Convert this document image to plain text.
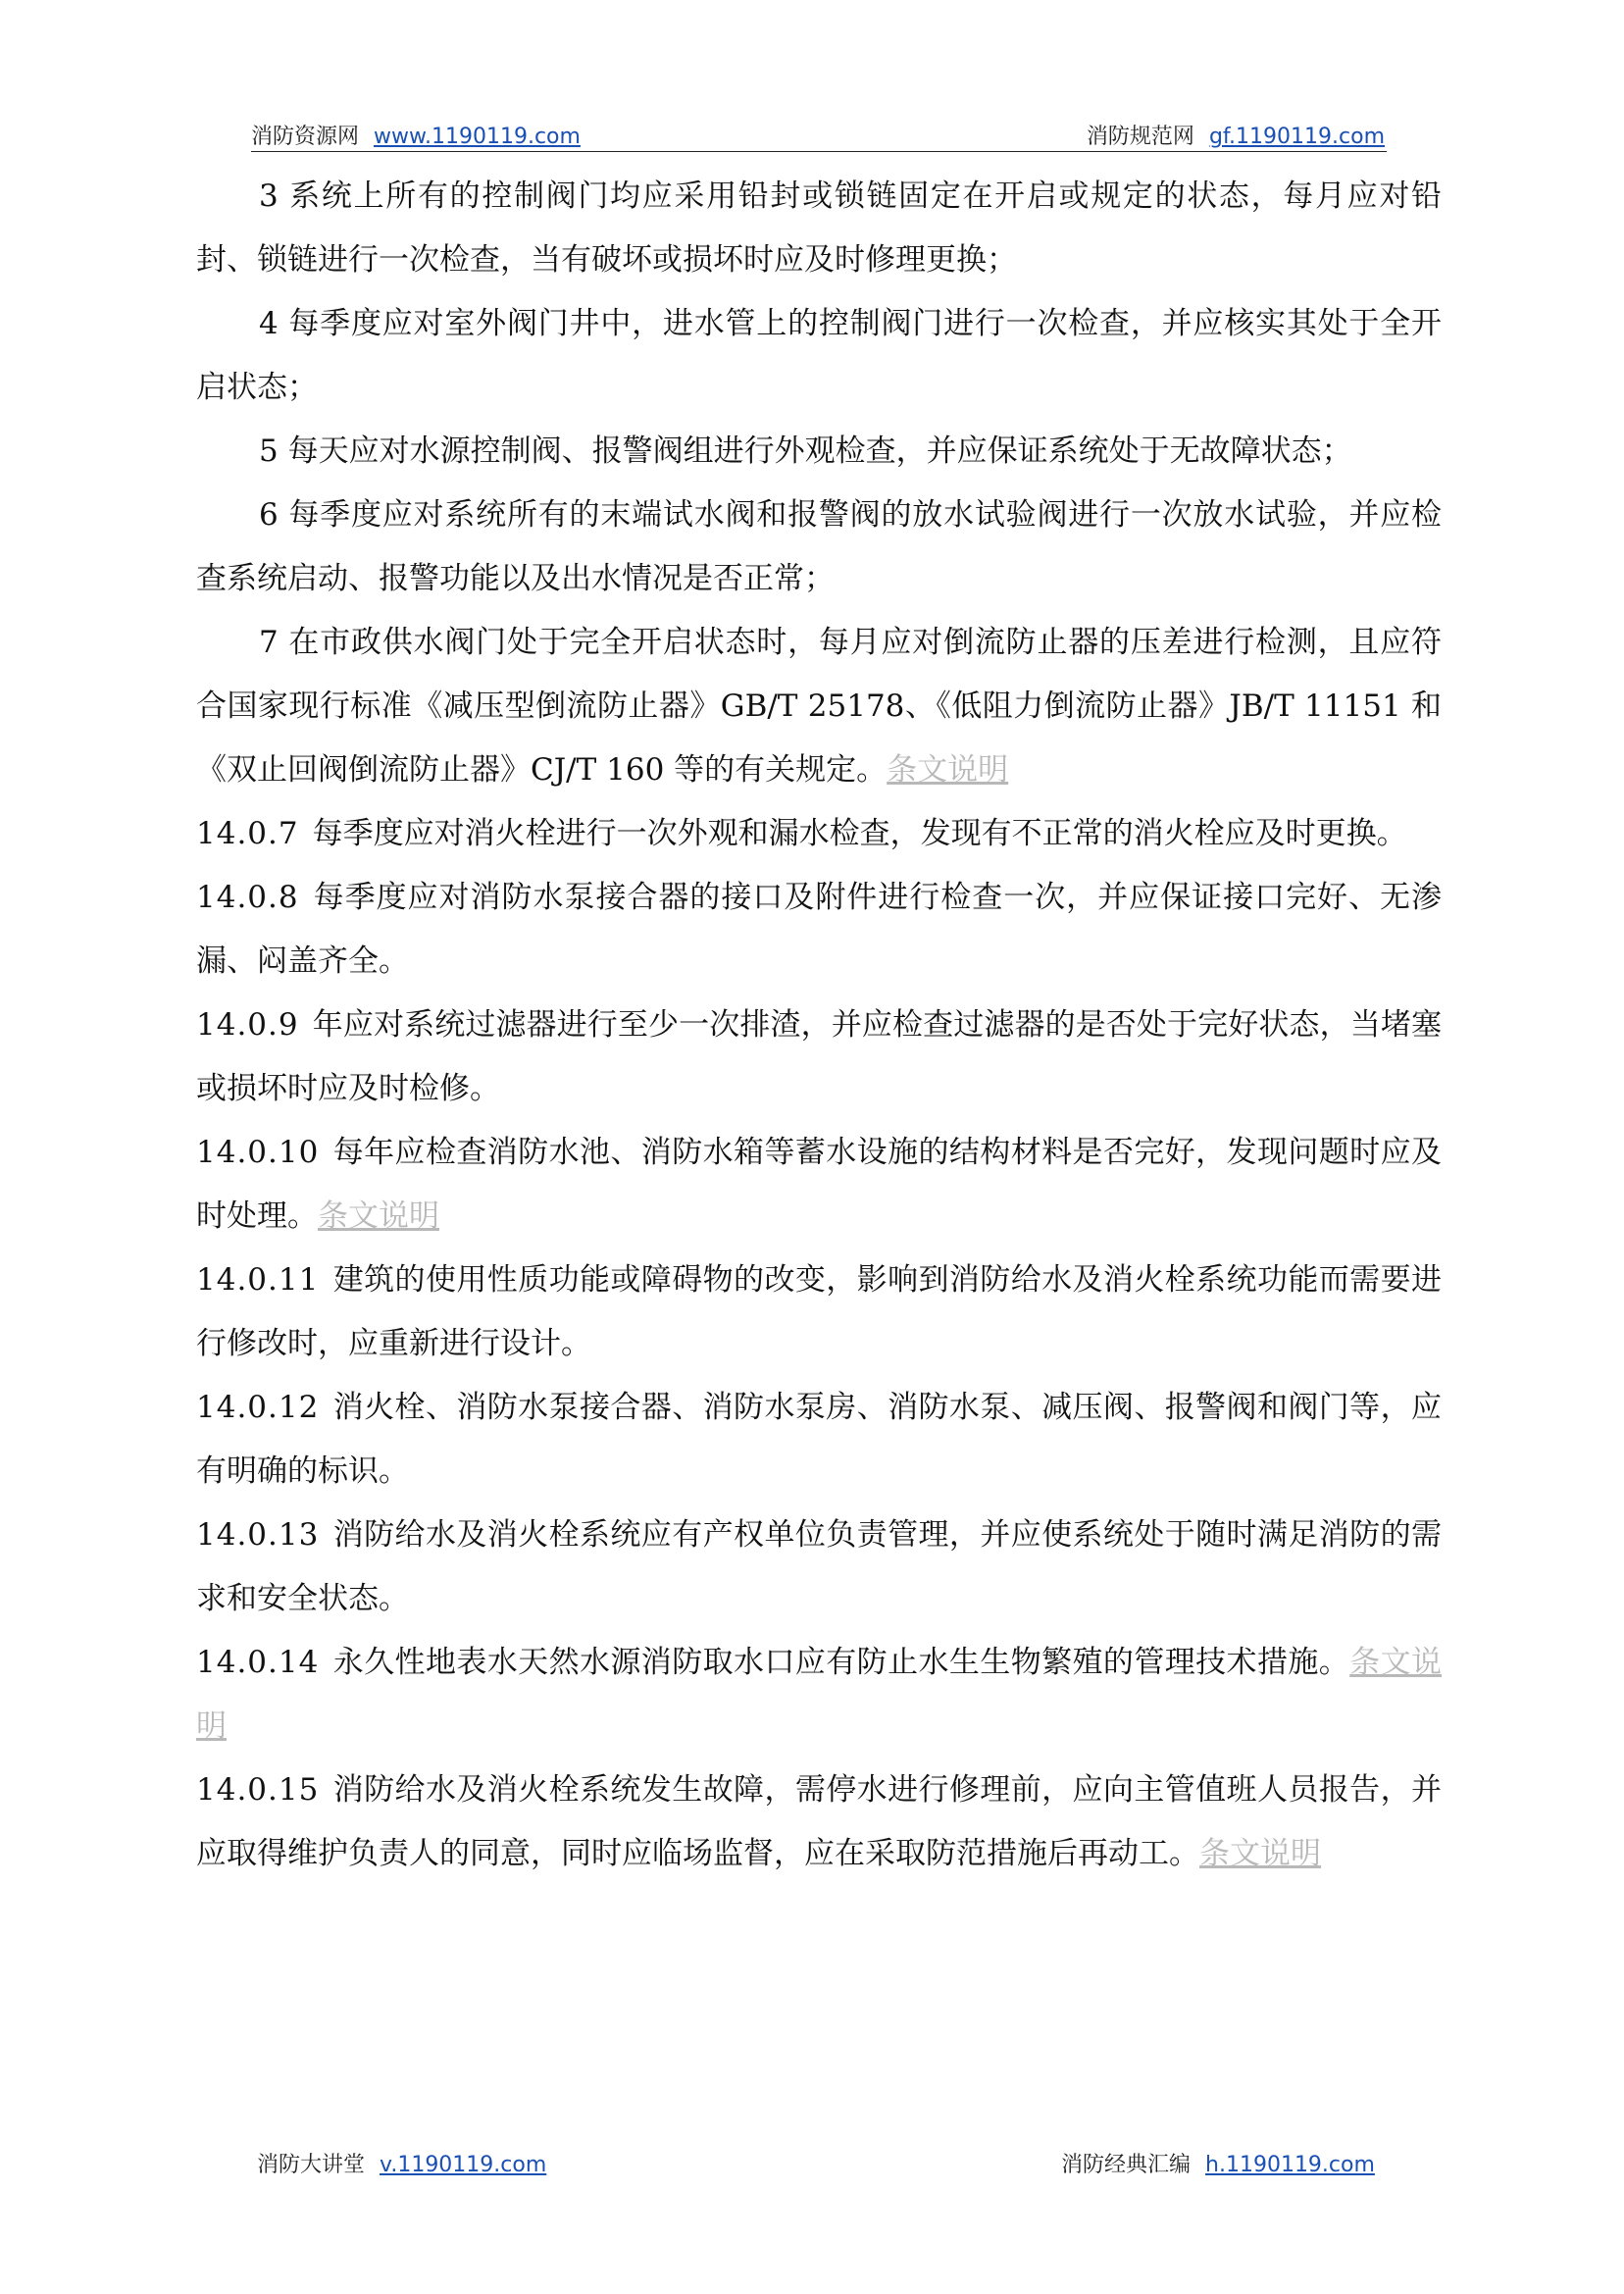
消防资源网 www.1190119.com	消防规范网 gf.1190119.com

3 系统上所有的控制阀门均应采用铅封或锁链固定在开启或规定的状态，每月应对铅封、锁链进行一次检查，当有破坏或损坏时应及时修理更换；

4 每季度应对室外阀门井中，进水管上的控制阀门进行一次检查，并应核实其处于全开启状态；

5 每天应对水源控制阀、报警阀组进行外观检查，并应保证系统处于无故障状态；

6 每季度应对系统所有的末端试水阀和报警阀的放水试验阀进行一次放水试验，并应检查系统启动、报警功能以及出水情况是否正常；

7 在市政供水阀门处于完全开启状态时，每月应对倒流防止器的压差进行检测，且应符合国家现行标准《减压型倒流防止器》GB/T 25178、《低阻力倒流防止器》JB/T 11151 和《双止回阀倒流防止器》CJ/T 160 等的有关规定。条文说明

14.0.7 每季度应对消火栓进行一次外观和漏水检查，发现有不正常的消火栓应及时更换。

14.0.8 每季度应对消防水泵接合器的接口及附件进行检查一次，并应保证接口完好、无渗漏、闷盖齐全。

14.0.9 年应对系统过滤器进行至少一次排渣，并应检查过滤器的是否处于完好状态，当堵塞或损坏时应及时检修。

14.0.10 每年应检查消防水池、消防水箱等蓄水设施的结构材料是否完好，发现问题时应及时处理。条文说明

14.0.11 建筑的使用性质功能或障碍物的改变，影响到消防给水及消火栓系统功能而需要进行修改时，应重新进行设计。

14.0.12 消火栓、消防水泵接合器、消防水泵房、消防水泵、减压阀、报警阀和阀门等，应有明确的标识。

14.0.13 消防给水及消火栓系统应有产权单位负责管理，并应使系统处于随时满足消防的需求和安全状态。

14.0.14 永久性地表水天然水源消防取水口应有防止水生生物繁殖的管理技术措施。条文说明

14.0.15 消防给水及消火栓系统发生故障，需停水进行修理前，应向主管值班人员报告，并应取得维护负责人的同意，同时应临场监督，应在采取防范措施后再动工。条文说明

消防大讲堂 v.1190119.com	消防经典汇编 h.1190119.com
